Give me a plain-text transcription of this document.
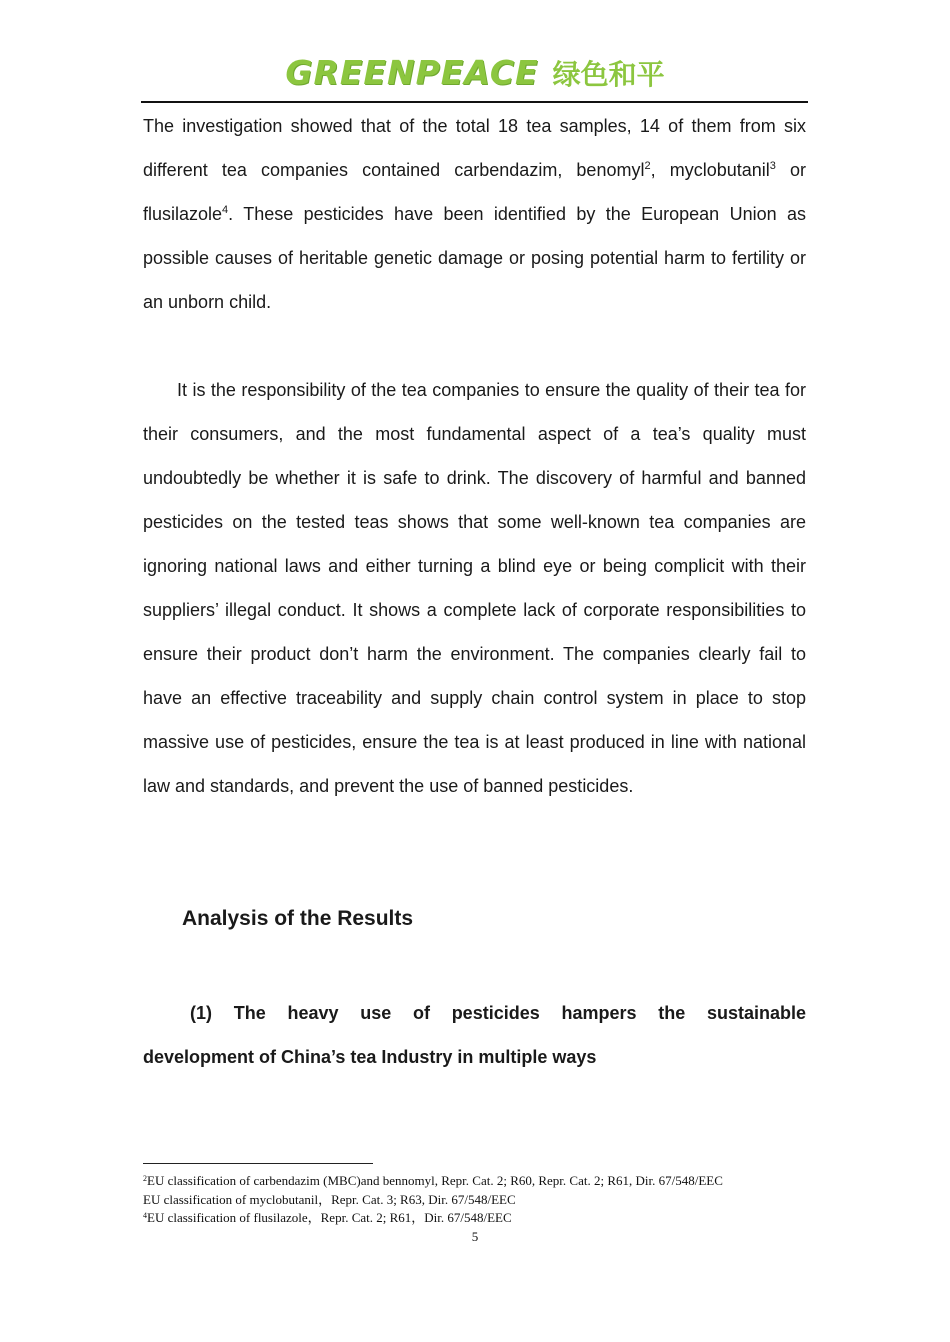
GREENPEACE 绿色和平

The investigation showed that of the total 18 tea samples, 14 of them from six different tea companies contained carbendazim, benomyl$^2$, myclobutanil$^3$ or flusilazole$^4$. These pesticides have been identified by the European Union as possible causes of heritable genetic damage or posing potential harm to fertility or an unborn child.

It is the responsibility of the tea companies to ensure the quality of their tea for their consumers, and the most fundamental aspect of a tea’s quality must undoubtedly be whether it is safe to drink. The discovery of harmful and banned pesticides on the tested teas shows that some well-known tea companies are ignoring national laws and either turning a blind eye or being complicit with their suppliers’ illegal conduct. It shows a complete lack of corporate responsibilities to ensure their product don’t harm the environment. The companies clearly fail to have an effective traceability and supply chain control system in place to stop massive use of pesticides, ensure the tea is at least produced in line with national law and standards, and prevent the use of banned pesticides.

Analysis of the Results

(1) The heavy use of pesticides hampers the sustainable development of China’s tea Industry in multiple ways

$^2$EU classification of carbendazim (MBC)and bennomyl, Repr. Cat. 2; R60, Repr. Cat. 2; R61, Dir. 67/548/EEC
EU classification of myclobutanil，Repr. Cat. 3; R63, Dir. 67/548/EEC
$^4$EU classification of flusilazole，Repr. Cat. 2; R61，Dir. 67/548/EEC
5
